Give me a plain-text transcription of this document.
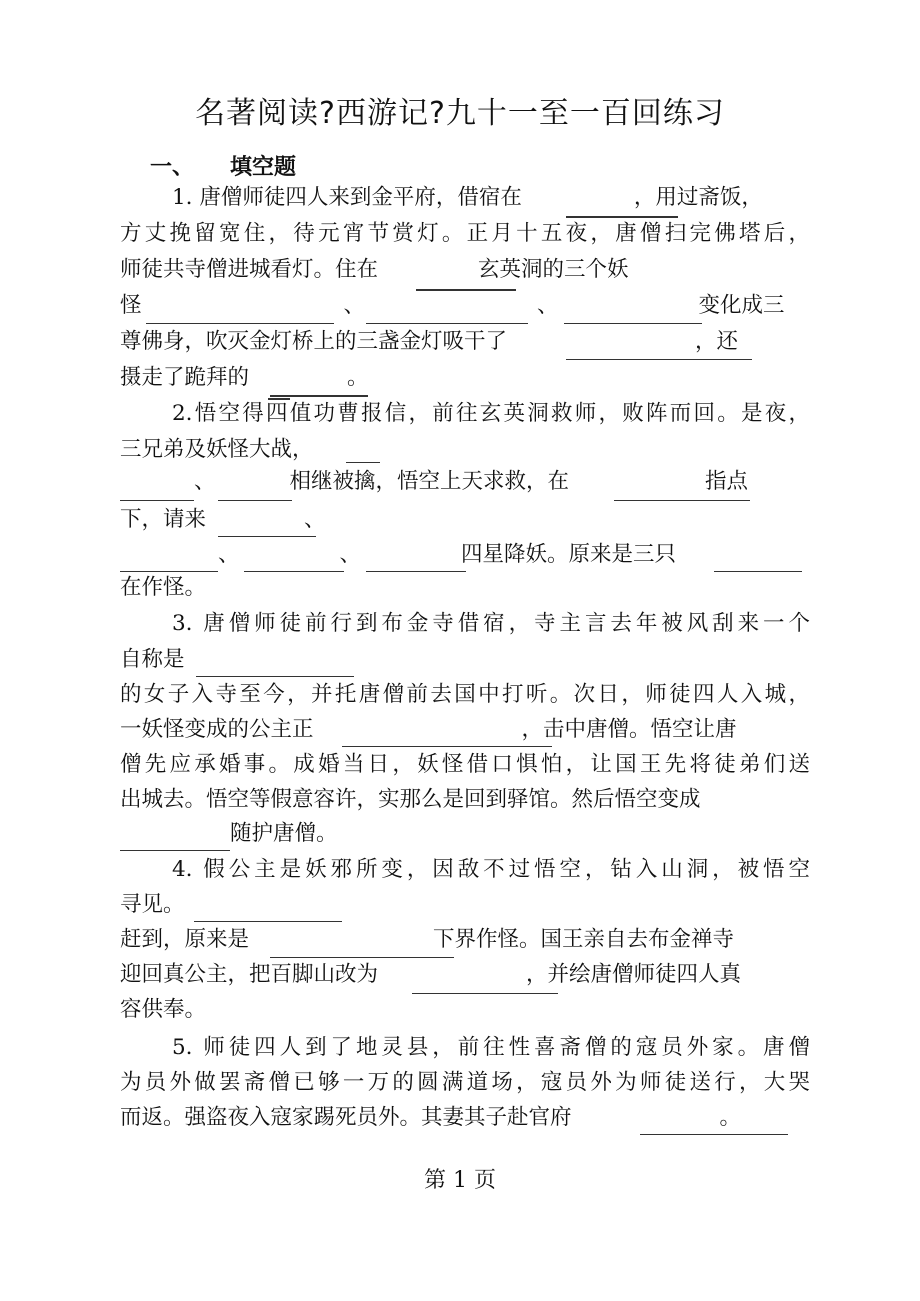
名著阅读?西游记?九十一至一百回练习
一、 填空题
1. 唐僧师徒四人来到金平府，借宿在	，用过斋饭，
方丈挽留宽住，待元宵节赏灯。正月十五夜，唐僧扫完佛塔后，
师徒共寺僧进城看灯。住在	玄英洞的三个妖
怪	、	、	变化成三
尊佛身，吹灭金灯桥上的三盏金灯吸干了	，还
摄走了跪拜的	。
2.悟空得四值功曹报信，前往玄英洞救师，败阵而回。是夜，
三兄弟及妖怪大战，
、	相继被擒，悟空上天求救，在	指点
下，请来	、
、	、	四星降妖。原来是三只
在作怪。
3. 唐僧师徒前行到布金寺借宿，寺主言去年被风刮来一个
自称是
的女子入寺至今，并托唐僧前去国中打听。次日，师徒四人入城，
一妖怪变成的公主正	，击中唐僧。悟空让唐
僧先应承婚事。成婚当日，妖怪借口惧怕，让国王先将徒弟们送
出城去。悟空等假意容许，实那么是回到驿馆。然后悟空变成
随护唐僧。
4. 假公主是妖邪所变，因敌不过悟空，钻入山洞，被悟空
寻见。
赶到，原来是	下界作怪。国王亲自去布金禅寺
迎回真公主，把百脚山改为	，并绘唐僧师徒四人真
容供奉。
5. 师徒四人到了地灵县，前往性喜斋僧的寇员外家。唐僧
为员外做罢斋僧已够一万的圆满道场，寇员外为师徒送行，大哭
而返。强盗夜入寇家踢死员外。其妻其子赴官府	。
第 1 页
